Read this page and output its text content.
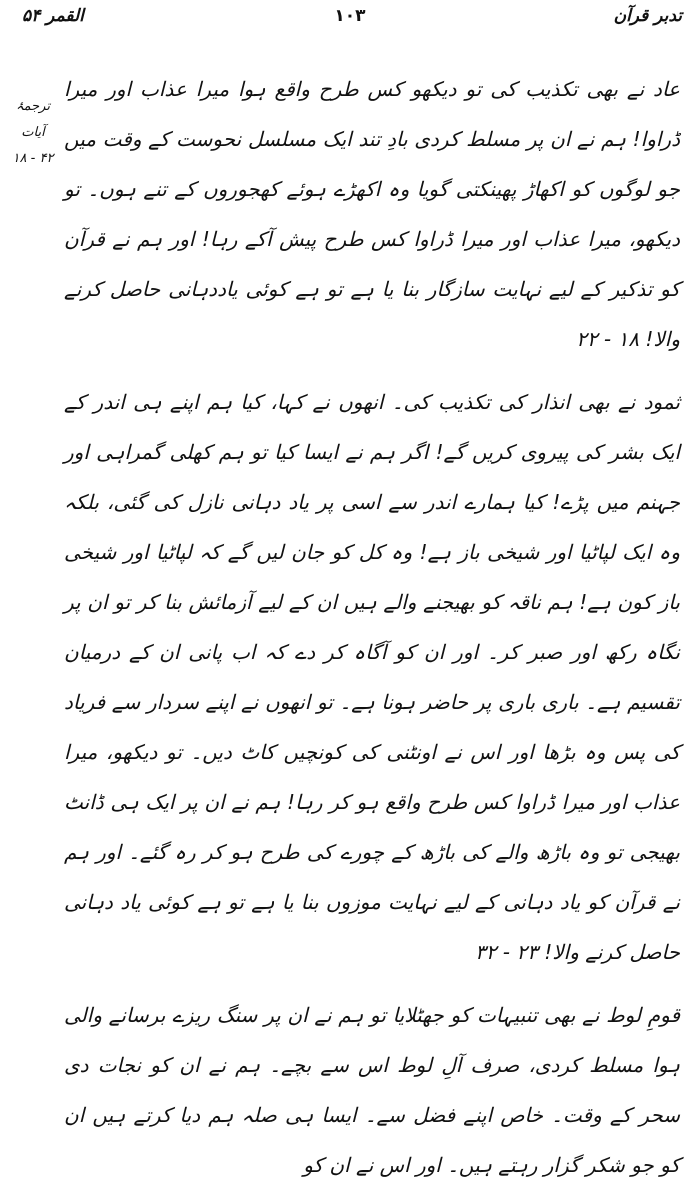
القمر ۵۴	۱۰۳	تدبر قرآن
ترجمۂ آیات
۱۸ - ۴۲

عاد نے بھی تکذیب کی تو دیکھو کس طرح واقع ہوا میرا عذاب اور میرا ڈراوا! ہم نے ان پر مسلط کردی بادِ تند ایک مسلسل نحوست کے وقت میں جو لوگوں کو اکھاڑ پھینکتی گویا وہ اکھڑے ہوئے کھجوروں کے تنے ہوں۔ تو دیکھو، میرا عذاب اور میرا ڈراوا کس طرح پیش آکے رہا! اور ہم نے قرآن کو تذکیر کے لیے نہایت سازگار بنا یا ہے تو ہے کوئی یاددہانی حاصل کرنے والا! ۱۸ - ۲۲

ثمود نے بھی انذار کی تکذیب کی۔ انھوں نے کہا، کیا ہم اپنے ہی اندر کے ایک بشر کی پیروی کریں گے! اگر ہم نے ایسا کیا تو ہم کھلی گمراہی اور جہنم میں پڑے! کیا ہمارے اندر سے اسی پر یاد دہانی نازل کی گئی، بلکہ وہ ایک لپاٹیا اور شیخی باز ہے! وہ کل کو جان لیں گے کہ لپاٹیا اور شیخی باز کون ہے! ہم ناقہ کو بھیجنے والے ہیں ان کے لیے آزمائش بنا کر تو ان پر نگاہ رکھ اور صبر کر۔ اور ان کو آگاہ کر دے کہ اب پانی ان کے درمیان تقسیم ہے۔ باری باری پر حاضر ہونا ہے۔ تو انھوں نے اپنے سردار سے فریاد کی پس وہ بڑھا اور اس نے اونٹنی کی کونچیں کاٹ دیں۔ تو دیکھو، میرا عذاب اور میرا ڈراوا کس طرح واقع ہو کر رہا! ہم نے ان پر ایک ہی ڈانٹ بھیجی تو وہ باڑھ والے کی باڑھ کے چورے کی طرح ہو کر رہ گئے۔ اور ہم نے قرآن کو یاد دہانی کے لیے نہایت موزوں بنا یا ہے تو ہے کوئی یاد دہانی حاصل کرنے والا! ۲۳ - ۳۲

قومِ لوط نے بھی تنبیہات کو جھٹلایا تو ہم نے ان پر سنگ ریزے برسانے والی ہوا مسلط کردی، صرف آلِ لوط اس سے بچے۔ ہم نے ان کو نجات دی سحر کے وقت۔ خاص اپنے فضل سے۔ ایسا ہی صلہ ہم دیا کرتے ہیں ان کو جو شکر گزار رہتے ہیں۔ اور اس نے ان کو
